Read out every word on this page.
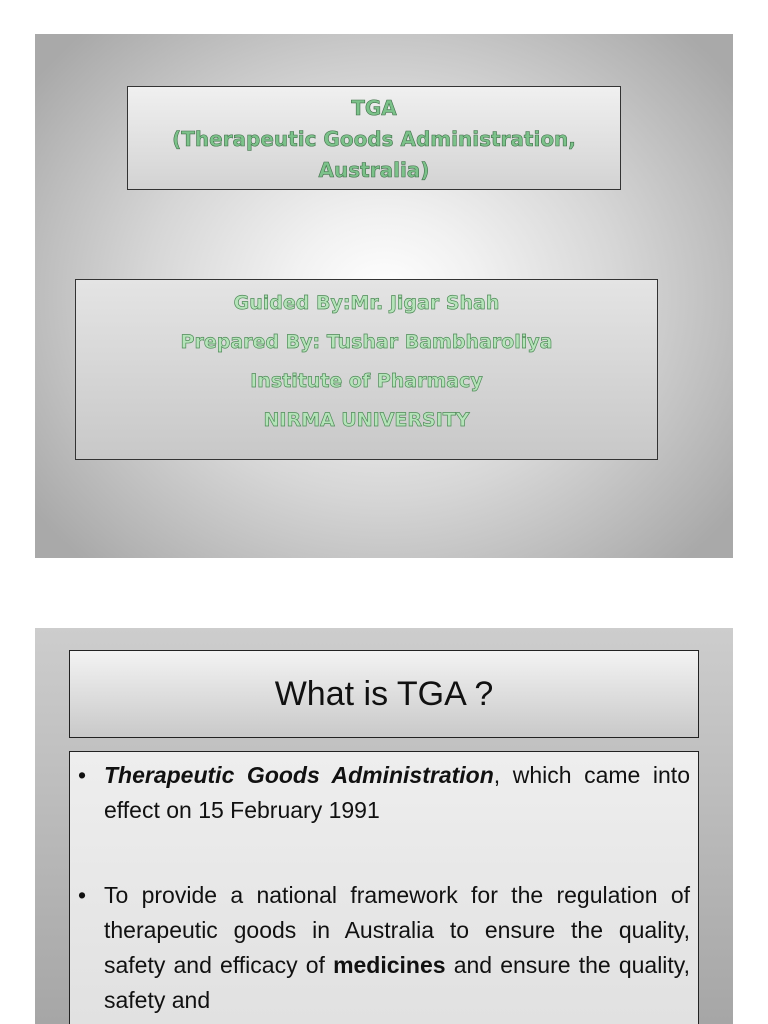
TGA
(Therapeutic Goods Administration,
Australia)
Guided By:Mr. Jigar Shah
Prepared By: Tushar Bambharoliya
Institute of Pharmacy
NIRMA UNIVERSITY
What is TGA ?
• Therapeutic Goods Administration, which came into effect on 15 February 1991
• To provide a national framework for the regulation of therapeutic goods in Australia to ensure the quality, safety and efficacy of medicines and ensure the quality, safety and
